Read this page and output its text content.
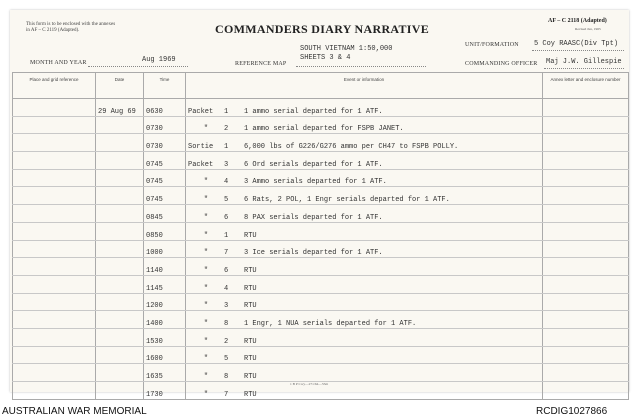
This form is to be enclosed with the annexes in AF – C 2119 (Adapted).	COMMANDERS DIARY NARRATIVE
AF – C 2118 (Adapted)
Revised Jun, 1965
UNIT/FORMATION 5 Coy RAASC(Div Tpt)
MONTH AND YEAR	Aug 1969	REFERENCE MAP
SOUTH VIETNAM 1:50,000
SHEETS 3 & 4
COMMANDING OFFICER Maj J.W. Gillespie
Place and grid reference	Date	Time	Event or information	Annex letter and enclosure number
	29 Aug 69	0630	Packet 1 1 ammo serial departed for 1 ATF.	
		0730	" 2 1 ammo serial departed for FSPB JANET.	
		0730	Sortie 1 6,000 lbs of G226/G276 ammo per CH47 to FSPB POLLY.	
		0745	Packet 3 6 Ord serials departed for 1 ATF.	
		0745	" 4 3 Ammo serials departed for 1 ATF.	
		0745	" 5 6 Rats, 2 POL, 1 Engr serials departed for 1 ATF.	
		0845	" 6 8 PAX serials departed for 1 ATF.	
		0850	" 1 RTU	
		1000	" 7 3 Ice serials departed for 1 ATF.	
		1140	" 6 RTU	
		1145	" 4 RTU	
		1200	" 3 RTU	
		1400	" 8 1 Engr, 1 NUA serials departed for 1 ATF.	
		1530	" 2 RTU	
		1600	" 5 RTU	
		1635	" 8 RTU	
		1730	" 7 RTU	
1 B P Cwy—271/64—55m
AUSTRALIAN WAR MEMORIAL	RCDIG1027866
